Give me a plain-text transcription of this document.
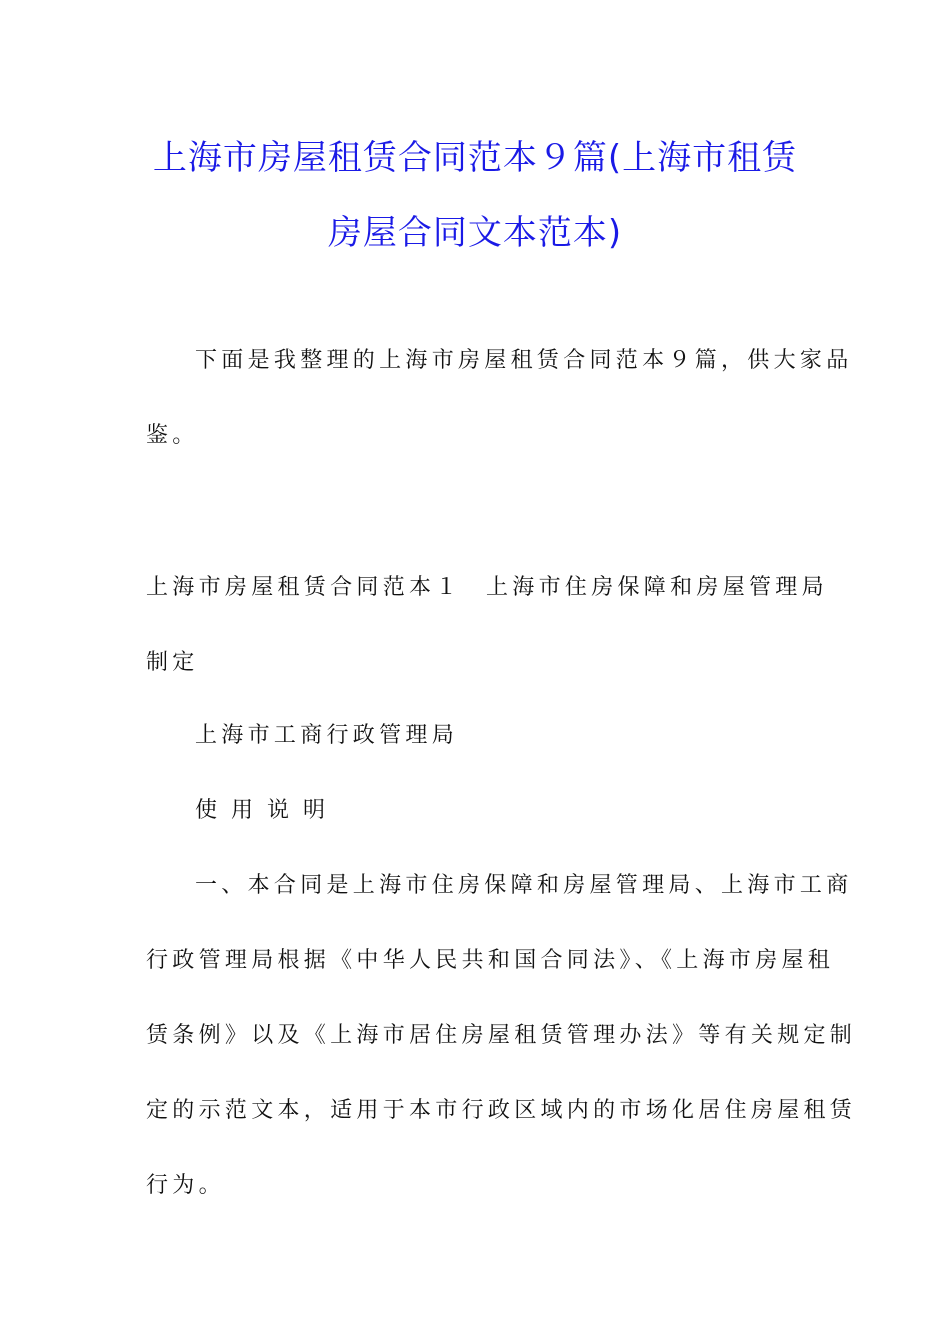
上海市房屋租赁合同范本９篇(上海市租赁
房屋合同文本范本)
下面是我整理的上海市房屋租赁合同范本９篇，供大家品
鉴。
上海市房屋租赁合同范本１ 上海市住房保障和房屋管理局
制定
上海市工商行政管理局
使用说明
一、本合同是上海市住房保障和房屋管理局、上海市工商
行政管理局根据《中华人民共和国合同法》、《上海市房屋租
赁条例》以及《上海市居住房屋租赁管理办法》等有关规定制
定的示范文本，适用于本市行政区域内的市场化居住房屋租赁
行为。
